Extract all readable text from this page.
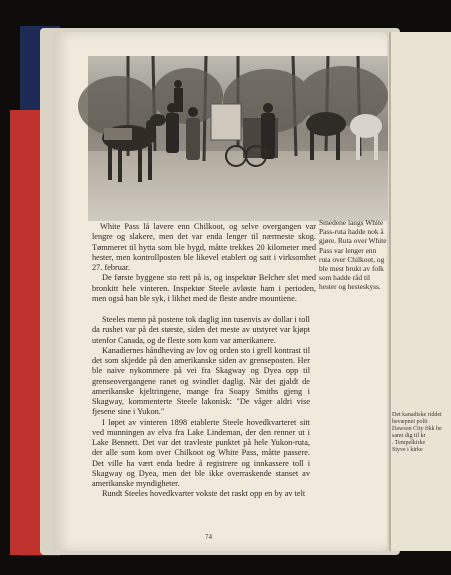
Det kanadiske
bevæpnet polit
Dawson City fikk
samt dig til kr
. Tempelkirke
Styve i kirke
Smedene langs White Pass-ruta hadde nok å gjøre. Ruta over White Pass var lenger enn ruta over Chilkoot, og ble mest brukt av folk som hadde råd til hester og hesteskyss.

White Pass lå lavere enn Chilkoot, og selve overgangen var lengre og slakere, men det var enda lenger til nærmeste skog. Tømmeret til hytta som ble bygd, måtte trekkes 20 kilometer med hester, men kontrollposten ble likevel etablert og satt i virksomhet 27. februar.

De første byggene sto rett på is, og inspektør Belcher slet med bronkitt hele vinteren. Inspektør Steele avløste ham i perioden, men også han ble syk, i likhet med de fleste andre mountiene.

Steeles menn på postene tok daglig inn tusenvis av dollar i toll da rushet var på det største, siden det meste av utstyret var kjøpt utenfor Canada, og de fleste som kom var amerikanere.

Kanadiernes håndheving av lov og orden sto i grell kontrast til det som skjedde på den amerikanske siden av grenseposten. Her ble naive nykommere på vei fra Skagway og Dyea opp til grenseovergangene ranet og svindlet daglig. Når det gjaldt de amerikanske kjeltringene, mange fra Soapy Smiths gjeng i Skagway, kommenterte Steele lakonisk: "De våger aldri vise fjesene sine i Yukon."

I løpet av vinteren 1898 etablerte Steele hovedkvarteret sitt ved munningen av elva fra Lake Lindeman, der den renner ut i Lake Bennett. Det var det travleste punktet på hele Yukon-ruta, der alle som kom over Chilkoot og White Pass, måtte passere. Det ville ha vært enda bedre å registrere og innkassere toll i Skagway og Dyea, men det ble ikke overraskende stanset av amerikanske myndigheter.

Rundt Steeles hovedkvarter vokste det raskt opp en by av telt

74
